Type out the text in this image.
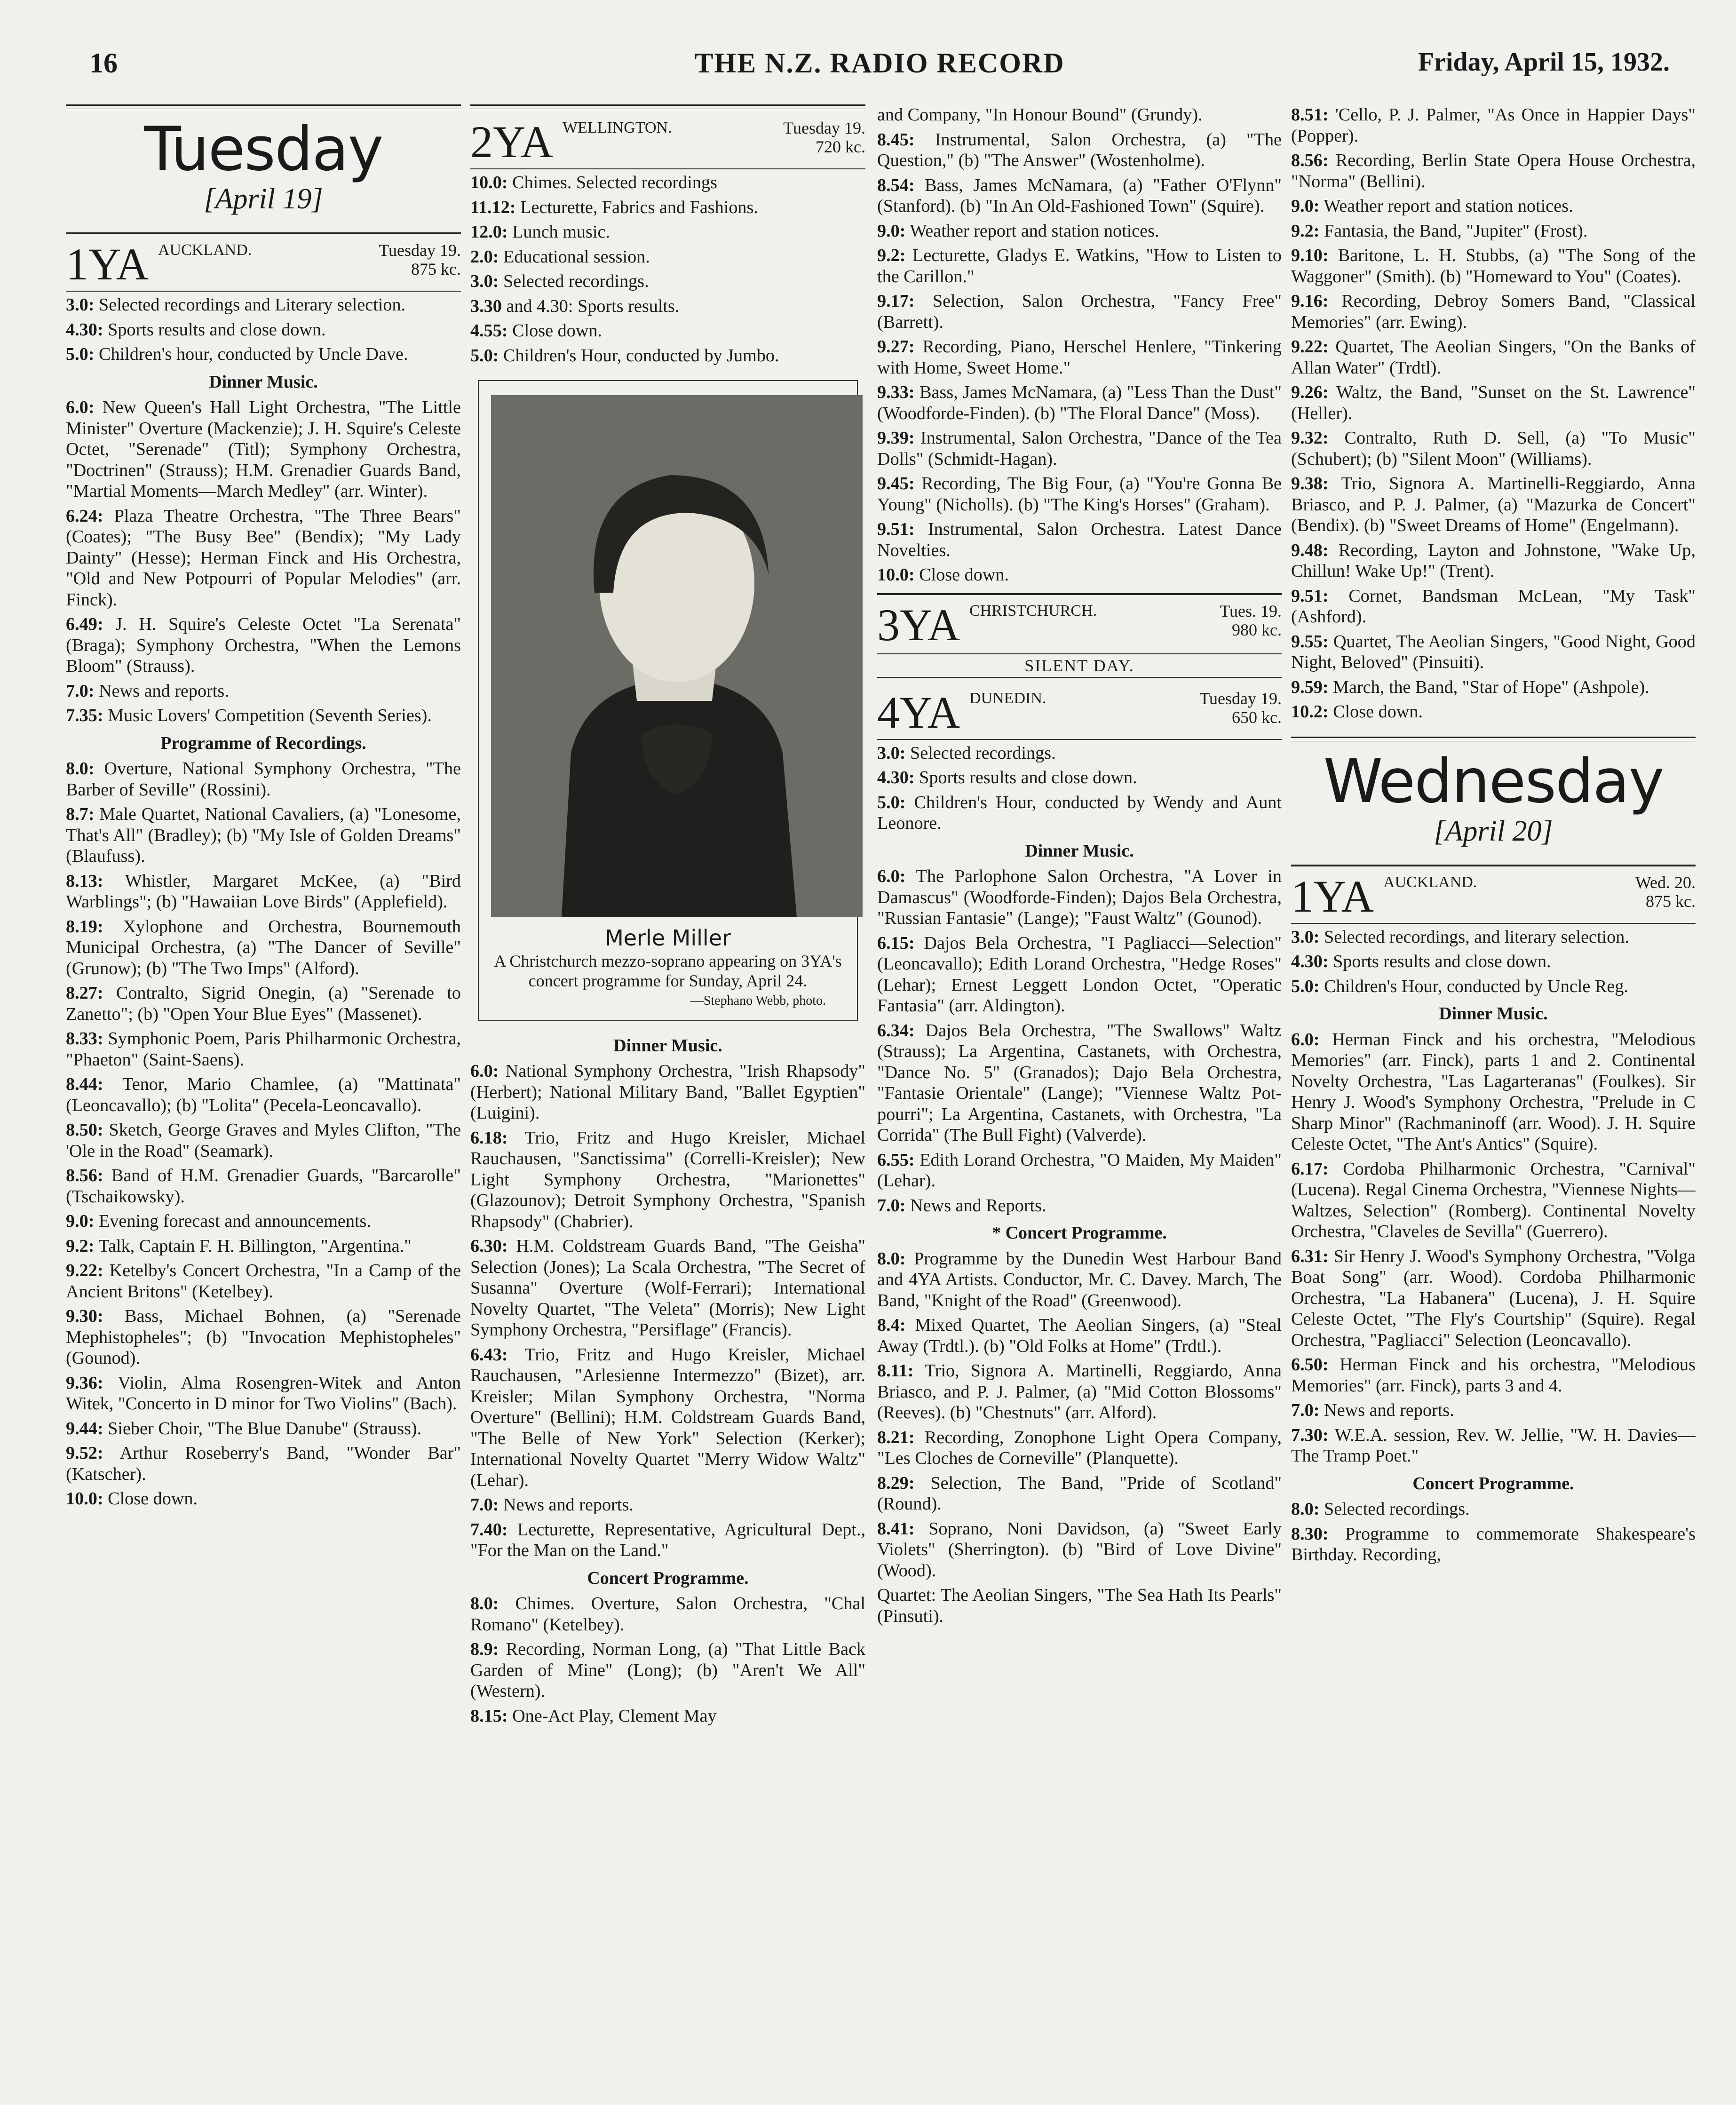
16	THE N.Z. RADIO RECORD	Friday, April 15, 1932.
Tuesday
[April 19]
1YA AUCKLAND.	Tuesday 19.
875 kc.
3.0: Selected recordings and Literary selection.
4.30: Sports results and close down.
5.0: Children's hour, conducted by Uncle Dave.
Dinner Music.
6.0: New Queen's Hall Light Orchestra, "The Little Minister" Overture (Mackenzie); J. H. Squire's Celeste Octet, "Serenade" (Titl); Symphony Orchestra, "Doctrinen" (Strauss); H.M. Grenadier Guards Band, "Martial Moments—March Medley" (arr. Winter).
6.24: Plaza Theatre Orchestra, "The Three Bears" (Coates); "The Busy Bee" (Bendix); "My Lady Dainty" (Hesse); Herman Finck and His Orchestra, "Old and New Potpourri of Popular Melodies" (arr. Finck).
6.49: J. H. Squire's Celeste Octet "La Serenata" (Braga); Symphony Orchestra, "When the Lemons Bloom" (Strauss).
7.0: News and reports.
7.35: Music Lovers' Competition (Seventh Series).
Programme of Recordings.
8.0: Overture, National Symphony Orchestra, "The Barber of Seville" (Rossini).
8.7: Male Quartet, National Cavaliers, (a) "Lonesome, That's All" (Bradley); (b) "My Isle of Golden Dreams" (Blaufuss).
8.13: Whistler, Margaret McKee, (a) "Bird Warblings"; (b) "Hawaiian Love Birds" (Applefield).
8.19: Xylophone and Orchestra, Bournemouth Municipal Orchestra, (a) "The Dancer of Seville" (Grunow); (b) "The Two Imps" (Alford).
8.27: Contralto, Sigrid Onegin, (a) "Serenade to Zanetto"; (b) "Open Your Blue Eyes" (Massenet).
8.33: Symphonic Poem, Paris Philharmonic Orchestra, "Phaeton" (Saint-Saens).
8.44: Tenor, Mario Chamlee, (a) "Mattinata" (Leoncavallo); (b) "Lolita" (Pecela-Leoncavallo).
8.50: Sketch, George Graves and Myles Clifton, "The 'Ole in the Road" (Seamark).
8.56: Band of H.M. Grenadier Guards, "Barcarolle" (Tschaikowsky).
9.0: Evening forecast and announcements.
9.2: Talk, Captain F. H. Billington, "Argentina."
9.22: Ketelby's Concert Orchestra, "In a Camp of the Ancient Britons" (Ketelbey).
9.30: Bass, Michael Bohnen, (a) "Serenade Mephistopheles"; (b) "Invocation Mephistopheles" (Gounod).
9.36: Violin, Alma Rosengren-Witek and Anton Witek, "Concerto in D minor for Two Violins" (Bach).
9.44: Sieber Choir, "The Blue Danube" (Strauss).
9.52: Arthur Roseberry's Band, "Wonder Bar" (Katscher).
10.0: Close down.
2YA WELLINGTON.	Tuesday 19.
720 kc.
10.0: Chimes. Selected recordings
11.12: Lecturette, Fabrics and Fashions.
12.0: Lunch music.
2.0: Educational session.
3.0: Selected recordings.
3.30 and 4.30: Sports results.
4.55: Close down.
5.0: Children's Hour, conducted by Jumbo.
Merle Miller
A Christchurch mezzo-soprano appearing on 3YA's concert programme for Sunday, April 24.
—Stephano Webb, photo.
Dinner Music.
6.0: National Symphony Orchestra, "Irish Rhapsody" (Herbert); National Military Band, "Ballet Egyptien" (Luigini).
6.18: Trio, Fritz and Hugo Kreisler, Michael Rauchausen, "Sanctissima" (Correlli-Kreisler); New Light Symphony Orchestra, "Marionettes" (Glazounov); Detroit Symphony Orchestra, "Spanish Rhapsody" (Chabrier).
6.30: H.M. Coldstream Guards Band, "The Geisha" Selection (Jones); La Scala Orchestra, "The Secret of Susanna" Overture (Wolf-Ferrari); International Novelty Quartet, "The Veleta" (Morris); New Light Symphony Orchestra, "Persiflage" (Francis).
6.43: Trio, Fritz and Hugo Kreisler, Michael Rauchausen, "Arlesienne Intermezzo" (Bizet), arr. Kreisler; Milan Symphony Orchestra, "Norma Overture" (Bellini); H.M. Coldstream Guards Band, "The Belle of New York" Selection (Kerker); International Novelty Quartet "Merry Widow Waltz" (Lehar).
7.0: News and reports.
7.40: Lecturette, Representative, Agricultural Dept., "For the Man on the Land."
Concert Programme.
8.0: Chimes. Overture, Salon Orchestra, "Chal Romano" (Ketelbey).
8.9: Recording, Norman Long, (a) "That Little Back Garden of Mine" (Long); (b) "Aren't We All" (Western).
8.15: One-Act Play, Clement May
and Company, "In Honour Bound" (Grundy).
8.45: Instrumental, Salon Orchestra, (a) "The Question," (b) "The Answer" (Wostenholme).
8.54: Bass, James McNamara, (a) "Father O'Flynn" (Stanford). (b) "In An Old-Fashioned Town" (Squire).
9.0: Weather report and station notices.
9.2: Lecturette, Gladys E. Watkins, "How to Listen to the Carillon."
9.17: Selection, Salon Orchestra, "Fancy Free" (Barrett).
9.27: Recording, Piano, Herschel Henlere, "Tinkering with Home, Sweet Home."
9.33: Bass, James McNamara, (a) "Less Than the Dust" (Woodforde-Finden). (b) "The Floral Dance" (Moss).
9.39: Instrumental, Salon Orchestra, "Dance of the Tea Dolls" (Schmidt-Hagan).
9.45: Recording, The Big Four, (a) "You're Gonna Be Young" (Nicholls). (b) "The King's Horses" (Graham).
9.51: Instrumental, Salon Orchestra. Latest Dance Novelties.
10.0: Close down.
3YA CHRISTCHURCH.	Tues. 19.
980 kc.
SILENT DAY.
4YA DUNEDIN.	Tuesday 19.
650 kc.
3.0: Selected recordings.
4.30: Sports results and close down.
5.0: Children's Hour, conducted by Wendy and Aunt Leonore.
Dinner Music.
6.0: The Parlophone Salon Orchestra, "A Lover in Damascus" (Woodforde-Finden); Dajos Bela Orchestra, "Russian Fantasie" (Lange); "Faust Waltz" (Gounod).
6.15: Dajos Bela Orchestra, "I Pagliacci—Selection" (Leoncavallo); Edith Lorand Orchestra, "Hedge Roses" (Lehar); Ernest Leggett London Octet, "Operatic Fantasia" (arr. Aldington).
6.34: Dajos Bela Orchestra, "The Swallows" Waltz (Strauss); La Argentina, Castanets, with Orchestra, "Dance No. 5" (Granados); Dajo Bela Orchestra, "Fantasie Orientale" (Lange); "Viennese Waltz Pot-pourri"; La Argentina, Castanets, with Orchestra, "La Corrida" (The Bull Fight) (Valverde).
6.55: Edith Lorand Orchestra, "O Maiden, My Maiden" (Lehar).
7.0: News and Reports.
* Concert Programme.
8.0: Programme by the Dunedin West Harbour Band and 4YA Artists. Conductor, Mr. C. Davey. March, The Band, "Knight of the Road" (Greenwood).
8.4: Mixed Quartet, The Aeolian Singers, (a) "Steal Away (Trdtl.). (b) "Old Folks at Home" (Trdtl.).
8.11: Trio, Signora A. Martinelli, Reggiardo, Anna Briasco, and P. J. Palmer, (a) "Mid Cotton Blossoms" (Reeves). (b) "Chestnuts" (arr. Alford).
8.21: Recording, Zonophone Light Opera Company, "Les Cloches de Corneville" (Planquette).
8.29: Selection, The Band, "Pride of Scotland" (Round).
8.41: Soprano, Noni Davidson, (a) "Sweet Early Violets" (Sherrington). (b) "Bird of Love Divine" (Wood).
Quartet: The Aeolian Singers, "The Sea Hath Its Pearls" (Pinsuti).
8.51: 'Cello, P. J. Palmer, "As Once in Happier Days" (Popper).
8.56: Recording, Berlin State Opera House Orchestra, "Norma" (Bellini).
9.0: Weather report and station notices.
9.2: Fantasia, the Band, "Jupiter" (Frost).
9.10: Baritone, L. H. Stubbs, (a) "The Song of the Waggoner" (Smith). (b) "Homeward to You" (Coates).
9.16: Recording, Debroy Somers Band, "Classical Memories" (arr. Ewing).
9.22: Quartet, The Aeolian Singers, "On the Banks of Allan Water" (Trdtl).
9.26: Waltz, the Band, "Sunset on the St. Lawrence" (Heller).
9.32: Contralto, Ruth D. Sell, (a) "To Music" (Schubert); (b) "Silent Moon" (Williams).
9.38: Trio, Signora A. Martinelli-Reggiardo, Anna Briasco, and P. J. Palmer, (a) "Mazurka de Concert" (Bendix). (b) "Sweet Dreams of Home" (Engelmann).
9.48: Recording, Layton and Johnstone, "Wake Up, Chillun! Wake Up!" (Trent).
9.51: Cornet, Bandsman McLean, "My Task" (Ashford).
9.55: Quartet, The Aeolian Singers, "Good Night, Good Night, Beloved" (Pinsuiti).
9.59: March, the Band, "Star of Hope" (Ashpole).
10.2: Close down.
Wednesday
[April 20]
1YA AUCKLAND.	Wed. 20.
875 kc.
3.0: Selected recordings, and literary selection.
4.30: Sports results and close down.
5.0: Children's Hour, conducted by Uncle Reg.
Dinner Music.
6.0: Herman Finck and his orchestra, "Melodious Memories" (arr. Finck), parts 1 and 2. Continental Novelty Orchestra, "Las Lagarteranas" (Foulkes). Sir Henry J. Wood's Symphony Orchestra, "Prelude in C Sharp Minor" (Rachmaninoff (arr. Wood). J. H. Squire Celeste Octet, "The Ant's Antics" (Squire).
6.17: Cordoba Philharmonic Orchestra, "Carnival" (Lucena). Regal Cinema Orchestra, "Viennese Nights—Waltzes, Selection" (Romberg). Continental Novelty Orchestra, "Claveles de Sevilla" (Guerrero).
6.31: Sir Henry J. Wood's Symphony Orchestra, "Volga Boat Song" (arr. Wood). Cordoba Philharmonic Orchestra, "La Habanera" (Lucena), J. H. Squire Celeste Octet, "The Fly's Courtship" (Squire). Regal Orchestra, "Pagliacci" Selection (Leoncavallo).
6.50: Herman Finck and his orchestra, "Melodious Memories" (arr. Finck), parts 3 and 4.
7.0: News and reports.
7.30: W.E.A. session, Rev. W. Jellie, "W. H. Davies—The Tramp Poet."
Concert Programme.
8.0: Selected recordings.
8.30: Programme to commemorate Shakespeare's Birthday. Recording,
